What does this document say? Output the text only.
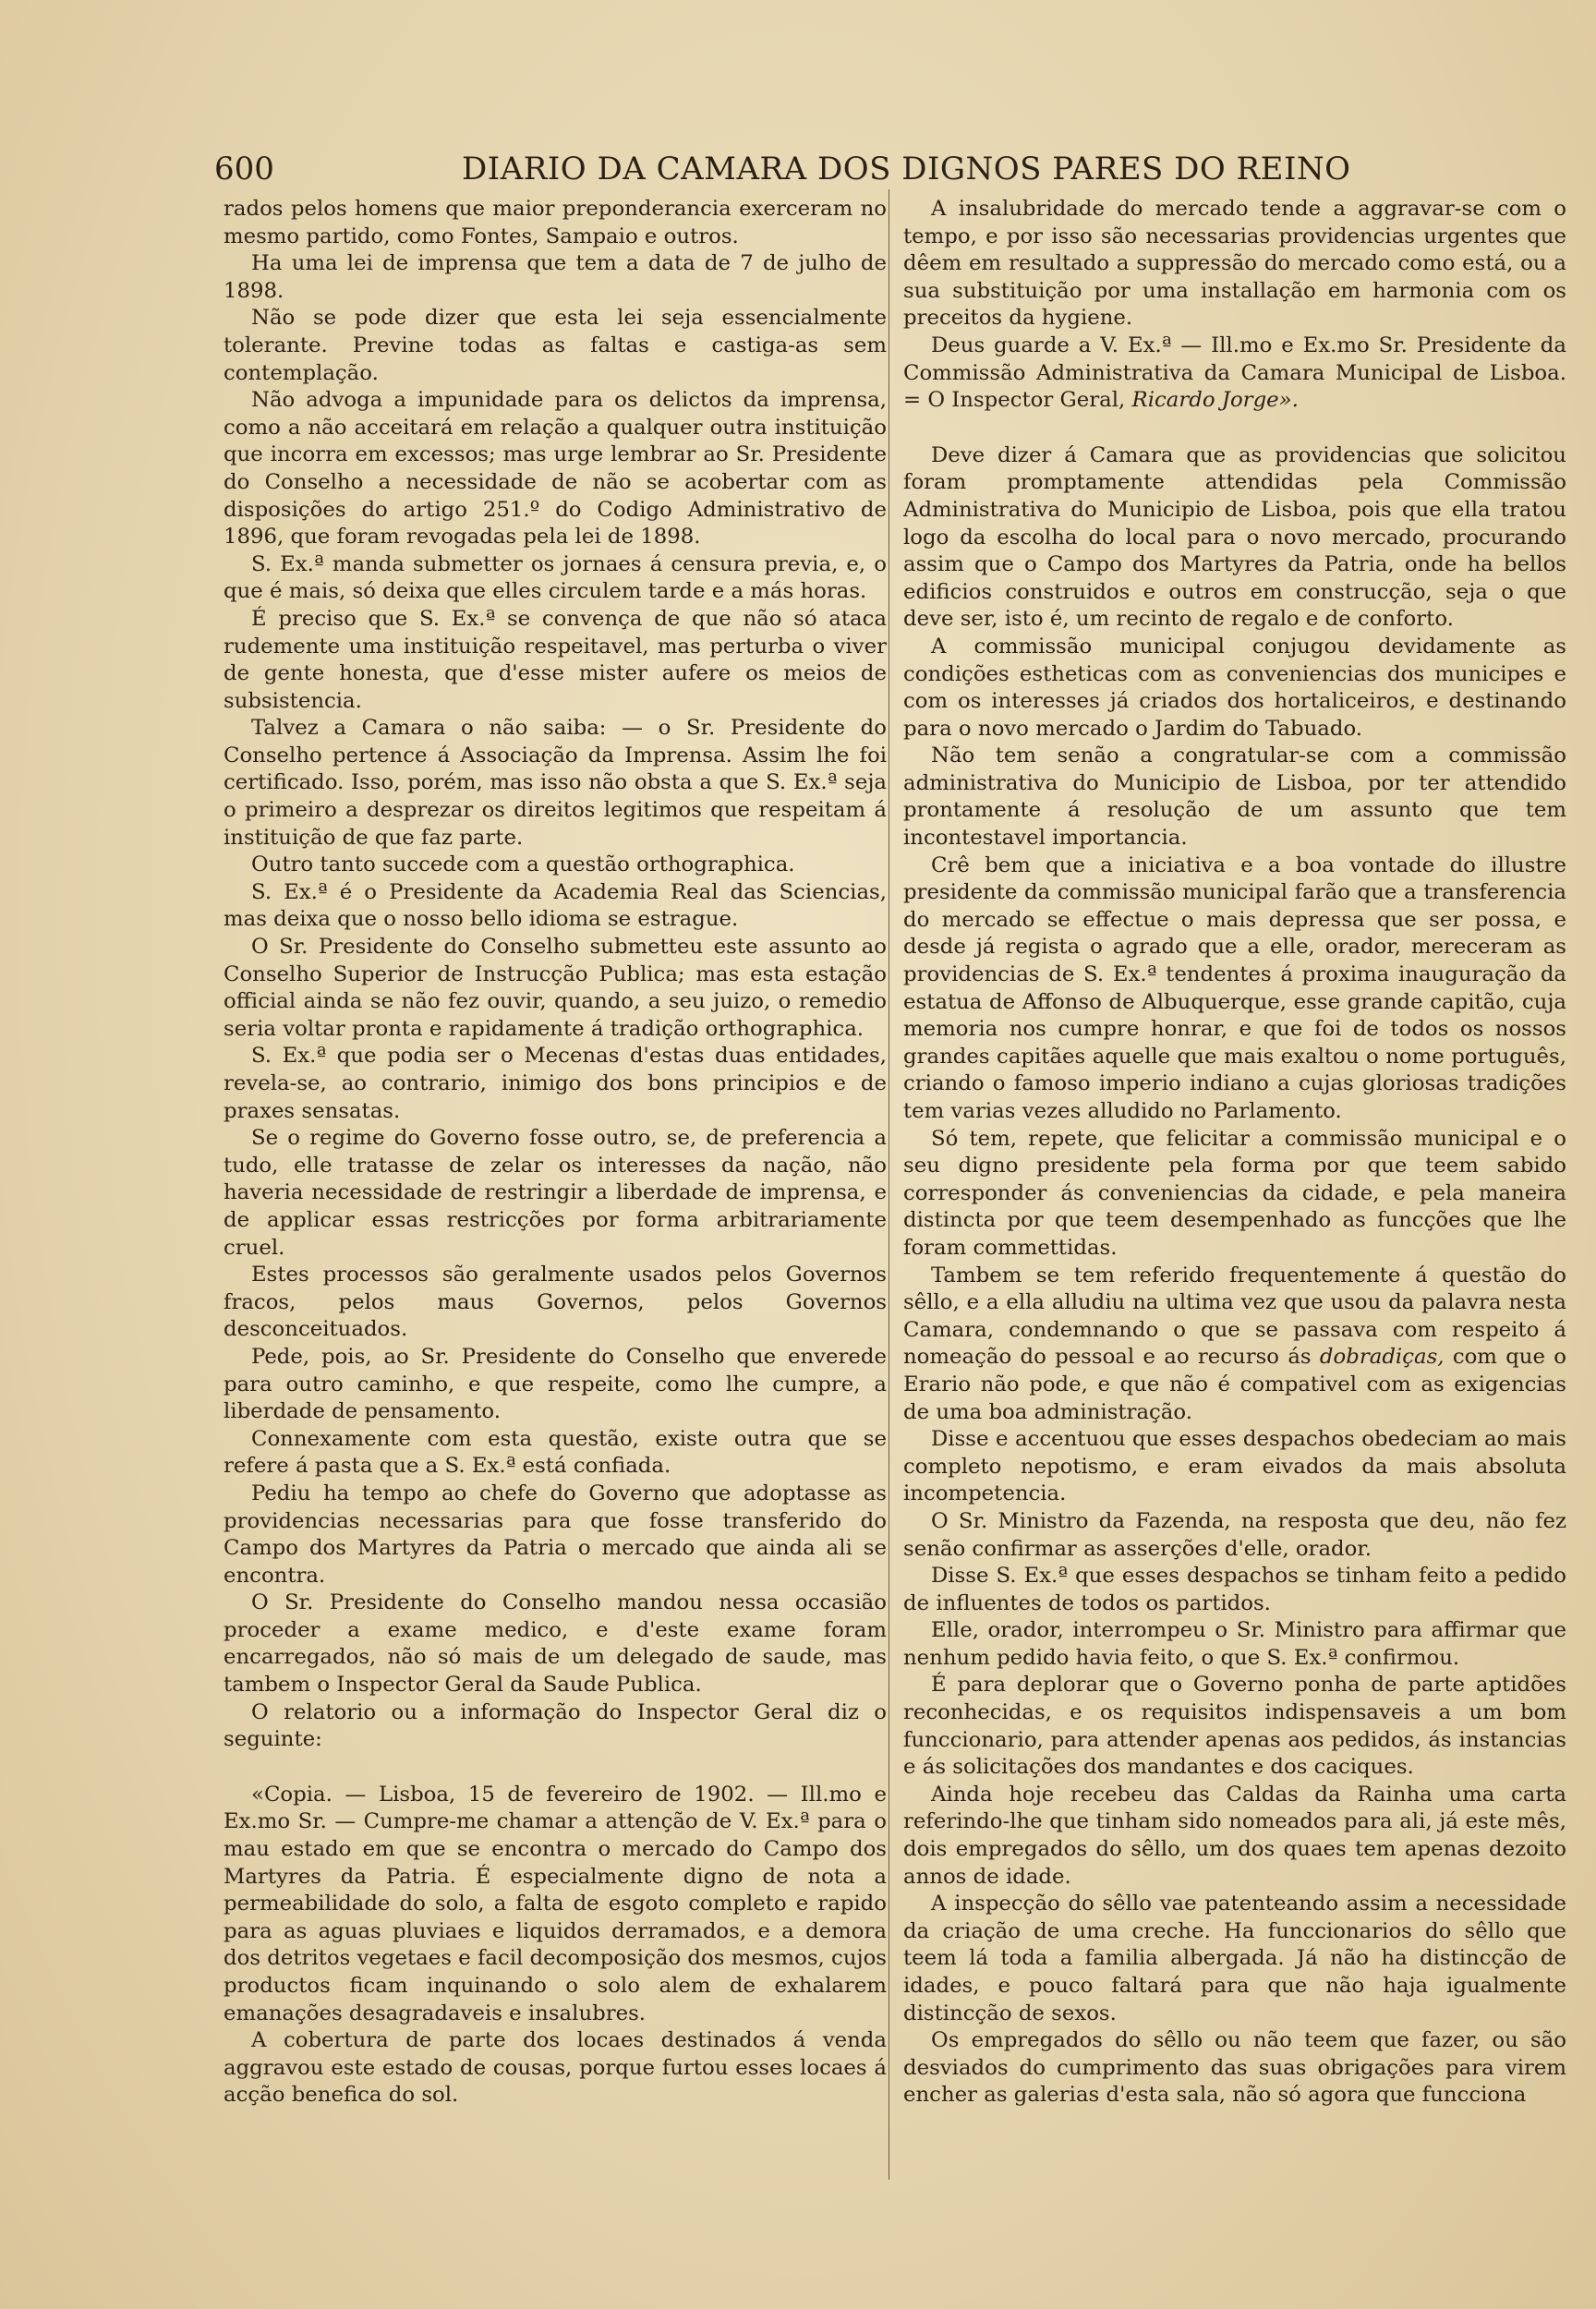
600	DIARIO DA CAMARA DOS DIGNOS PARES DO REINO

rados pelos homens que maior preponderancia exerceram no mesmo partido, como Fontes, Sampaio e outros.

Ha uma lei de imprensa que tem a data de 7 de julho de 1898.

Não se pode dizer que esta lei seja essencialmente tolerante. Previne todas as faltas e castiga-as sem contemplação.

Não advoga a impunidade para os delictos da imprensa, como a não acceitará em relação a qualquer outra instituição que incorra em excessos; mas urge lembrar ao Sr. Presidente do Conselho a necessidade de não se acobertar com as disposições do artigo 251.º do Codigo Administrativo de 1896, que foram revogadas pela lei de 1898.

S. Ex.ª manda submetter os jornaes á censura previa, e, o que é mais, só deixa que elles circulem tarde e a más horas.

É preciso que S. Ex.ª se convença de que não só ataca rudemente uma instituição respeitavel, mas perturba o viver de gente honesta, que d'esse mister aufere os meios de subsistencia.

Talvez a Camara o não saiba: — o Sr. Presidente do Conselho pertence á Associação da Imprensa. Assim lhe foi certificado. Isso, porém, mas isso não obsta a que S. Ex.ª seja o primeiro a desprezar os direitos legitimos que respeitam á instituição de que faz parte.

Outro tanto succede com a questão orthographica.

S. Ex.ª é o Presidente da Academia Real das Sciencias, mas deixa que o nosso bello idioma se estrague.

O Sr. Presidente do Conselho submetteu este assunto ao Conselho Superior de Instrucção Publica; mas esta estação official ainda se não fez ouvir, quando, a seu juizo, o remedio seria voltar pronta e rapidamente á tradição orthographica.

S. Ex.ª que podia ser o Mecenas d'estas duas entidades, revela-se, ao contrario, inimigo dos bons principios e de praxes sensatas.

Se o regime do Governo fosse outro, se, de preferencia a tudo, elle tratasse de zelar os interesses da nação, não haveria necessidade de restringir a liberdade de imprensa, e de applicar essas restricções por forma arbitrariamente cruel.

Estes processos são geralmente usados pelos Governos fracos, pelos maus Governos, pelos Governos desconceituados.

Pede, pois, ao Sr. Presidente do Conselho que enverede para outro caminho, e que respeite, como lhe cumpre, a liberdade de pensamento.

Connexamente com esta questão, existe outra que se refere á pasta que a S. Ex.ª está confiada.

Pediu ha tempo ao chefe do Governo que adoptasse as providencias necessarias para que fosse transferido do Campo dos Martyres da Patria o mercado que ainda ali se encontra.

O Sr. Presidente do Conselho mandou nessa occasião proceder a exame medico, e d'este exame foram encarregados, não só mais de um delegado de saude, mas tambem o Inspector Geral da Saude Publica.

O relatorio ou a informação do Inspector Geral diz o seguinte:

«Copia. — Lisboa, 15 de fevereiro de 1902. — Ill.mo e Ex.mo Sr. — Cumpre-me chamar a attenção de V. Ex.ª para o mau estado em que se encontra o mercado do Campo dos Martyres da Patria. É especialmente digno de nota a permeabilidade do solo, a falta de esgoto completo e rapido para as aguas pluviaes e liquidos derramados, e a demora dos detritos vegetaes e facil decomposição dos mesmos, cujos productos ficam inquinando o solo alem de exhalarem emanações desagradaveis e insalubres.

A cobertura de parte dos locaes destinados á venda aggravou este estado de cousas, porque furtou esses locaes á acção benefica do sol.

A insalubridade do mercado tende a aggravar-se com o tempo, e por isso são necessarias providencias urgentes que dêem em resultado a suppressão do mercado como está, ou a sua substituição por uma installação em harmonia com os preceitos da hygiene.

Deus guarde a V. Ex.ª — Ill.mo e Ex.mo Sr. Presidente da Commissão Administrativa da Camara Municipal de Lisboa. = O Inspector Geral, Ricardo Jorge».

Deve dizer á Camara que as providencias que solicitou foram promptamente attendidas pela Commissão Administrativa do Municipio de Lisboa, pois que ella tratou logo da escolha do local para o novo mercado, procurando assim que o Campo dos Martyres da Patria, onde ha bellos edificios construidos e outros em construcção, seja o que deve ser, isto é, um recinto de regalo e de conforto.

A commissão municipal conjugou devidamente as condições estheticas com as conveniencias dos municipes e com os interesses já criados dos hortaliceiros, e destinando para o novo mercado o Jardim do Tabuado.

Não tem senão a congratular-se com a commissão administrativa do Municipio de Lisboa, por ter attendido prontamente á resolução de um assunto que tem incontestavel importancia.

Crê bem que a iniciativa e a boa vontade do illustre presidente da commissão municipal farão que a transferencia do mercado se effectue o mais depressa que ser possa, e desde já regista o agrado que a elle, orador, mereceram as providencias de S. Ex.ª tendentes á proxima inauguração da estatua de Affonso de Albuquerque, esse grande capitão, cuja memoria nos cumpre honrar, e que foi de todos os nossos grandes capitães aquelle que mais exaltou o nome português, criando o famoso imperio indiano a cujas gloriosas tradições tem varias vezes alludido no Parlamento.

Só tem, repete, que felicitar a commissão municipal e o seu digno presidente pela forma por que teem sabido corresponder ás conveniencias da cidade, e pela maneira distincta por que teem desempenhado as funcções que lhe foram commettidas.

Tambem se tem referido frequentemente á questão do sêllo, e a ella alludiu na ultima vez que usou da palavra nesta Camara, condemnando o que se passava com respeito á nomeação do pessoal e ao recurso ás dobradiças, com que o Erario não pode, e que não é compativel com as exigencias de uma boa administração.

Disse e accentuou que esses despachos obedeciam ao mais completo nepotismo, e eram eivados da mais absoluta incompetencia.

O Sr. Ministro da Fazenda, na resposta que deu, não fez senão confirmar as asserções d'elle, orador.

Disse S. Ex.ª que esses despachos se tinham feito a pedido de influentes de todos os partidos.

Elle, orador, interrompeu o Sr. Ministro para affirmar que nenhum pedido havia feito, o que S. Ex.ª confirmou.

É para deplorar que o Governo ponha de parte aptidões reconhecidas, e os requisitos indispensaveis a um bom funccionario, para attender apenas aos pedidos, ás instancias e ás solicitações dos mandantes e dos caciques.

Ainda hoje recebeu das Caldas da Rainha uma carta referindo-lhe que tinham sido nomeados para ali, já este mês, dois empregados do sêllo, um dos quaes tem apenas dezoito annos de idade.

A inspecção do sêllo vae patenteando assim a necessidade da criação de uma creche. Ha funccionarios do sêllo que teem lá toda a familia albergada. Já não ha distincção de idades, e pouco faltará para que não haja igualmente distincção de sexos.

Os empregados do sêllo ou não teem que fazer, ou são desviados do cumprimento das suas obrigações para virem encher as galerias d'esta sala, não só agora que funcciona
